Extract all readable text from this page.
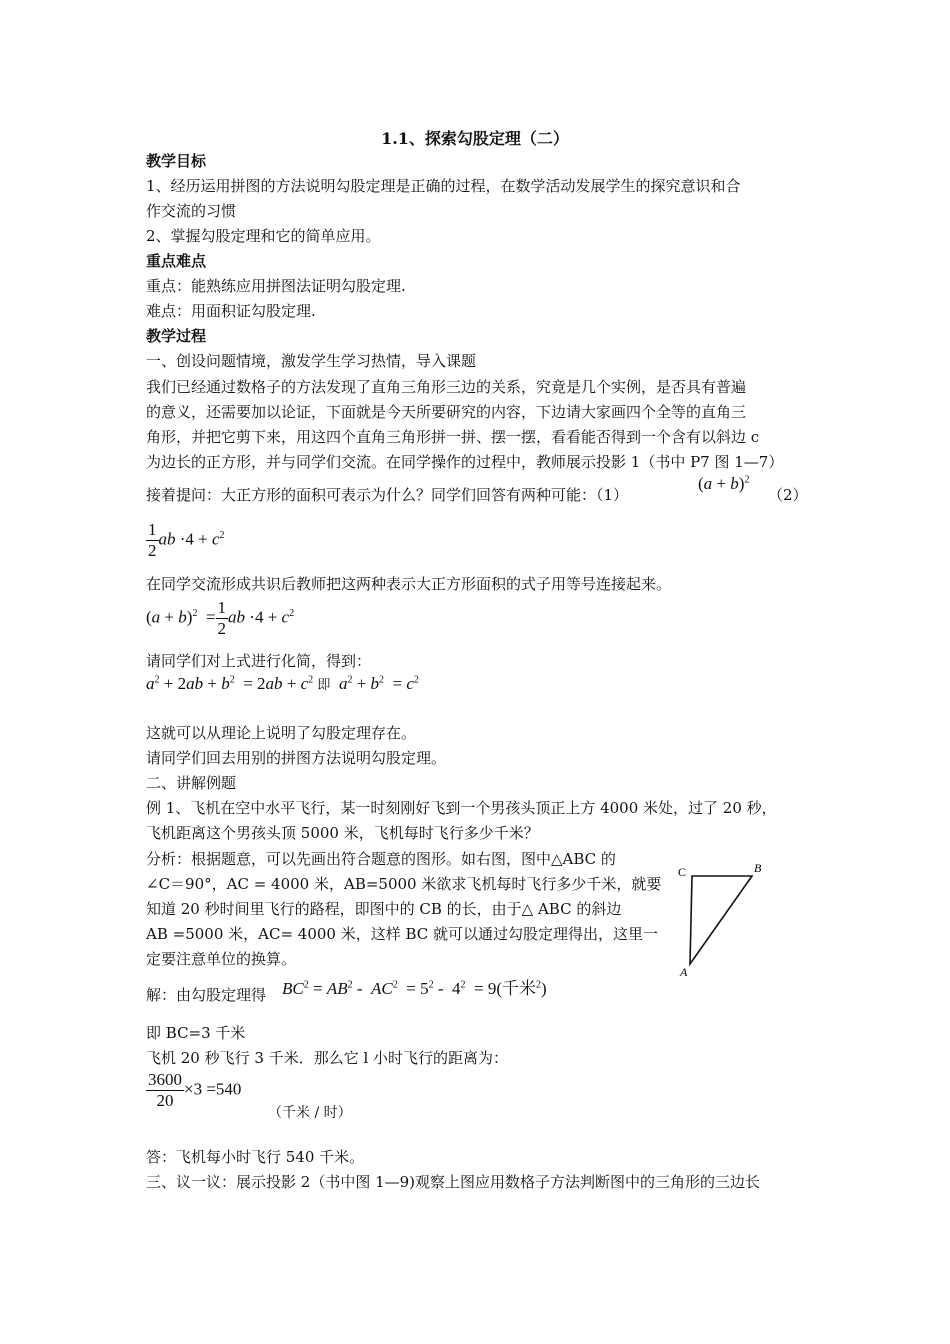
1.1、探索勾股定理（二）
教学目标
1、经历运用拼图的方法说明勾股定理是正确的过程，在数学活动发展学生的探究意识和合
作交流的习惯
2、掌握勾股定理和它的简单应用。
重点难点
重点：能熟练应用拼图法证明勾股定理.
难点：用面积证勾股定理.
教学过程
一、创设问题情境，激发学生学习热情，导入课题
我们已经通过数格子的方法发现了直角三角形三边的关系，究竟是几个实例，是否具有普遍
的意义，还需要加以论证，下面就是今天所要研究的内容，下边请大家画四个全等的直角三
角形，并把它剪下来，用这四个直角三角形拼一拼、摆一摆，看看能否得到一个含有以斜边 c
为边长的正方形，并与同学们交流。在同学操作的过程中，教师展示投影 1（书中 P7 图 1—7）
接着提问：大正方形的面积可表示为什么？同学们回答有两种可能：（1）
$(a + b)^2$
（2）
$\frac{1}{2}$ ab $\cdot 4 + c^2$
在同学交流形成共识后教师把这两种表示大正方形面积的式子用等号连接起来。
$(a + b)^2 = \frac{1}{2}$ ab $\cdot 4 + c^2$
请同学们对上式进行化简，得到：
$a^2 + 2ab + b^2 = 2ab + c^2$ 即 $a^2 + b^2 = c^2$
这就可以从理论上说明了勾股定理存在。
请同学们回去用别的拼图方法说明勾股定理。
二、讲解例题
例 1、飞机在空中水平飞行，某一时刻刚好飞到一个男孩头顶正上方 4000 米处，过了 20 秒，
飞机距离这个男孩头顶 5000 米，飞机每时飞行多少千米？
分析：根据题意，可以先画出符合题意的图形。如右图，图中△ABC 的
∠C＝90°，AC = 4000 米，AB=5000 米欲求飞机每时飞行多少千米，就要
知道 20 秒时间里飞行的路程，即图中的 CB 的长，由于△ ABC 的斜边
AB =5000 米，AC= 4000 米，这样 BC 就可以通过勾股定理得出，这里一
定要注意单位的换算。
C	B
A
解：由勾股定理得 $BC^2 = AB^2 - AC^2 = 5^2 - 4^2 = 9$(千米$^2$)
即 BC=3 千米
飞机 20 秒飞行 3 千米．那么它 l 小时飞行的距离为：
$\frac{3600}{20} \times 3 =540$
（千米 / 时）
答：飞机每小时飞行 540 千米。
三、议一议：展示投影 2（书中图 1—9)观察上图应用数格子方法判断图中的三角形的三边长
